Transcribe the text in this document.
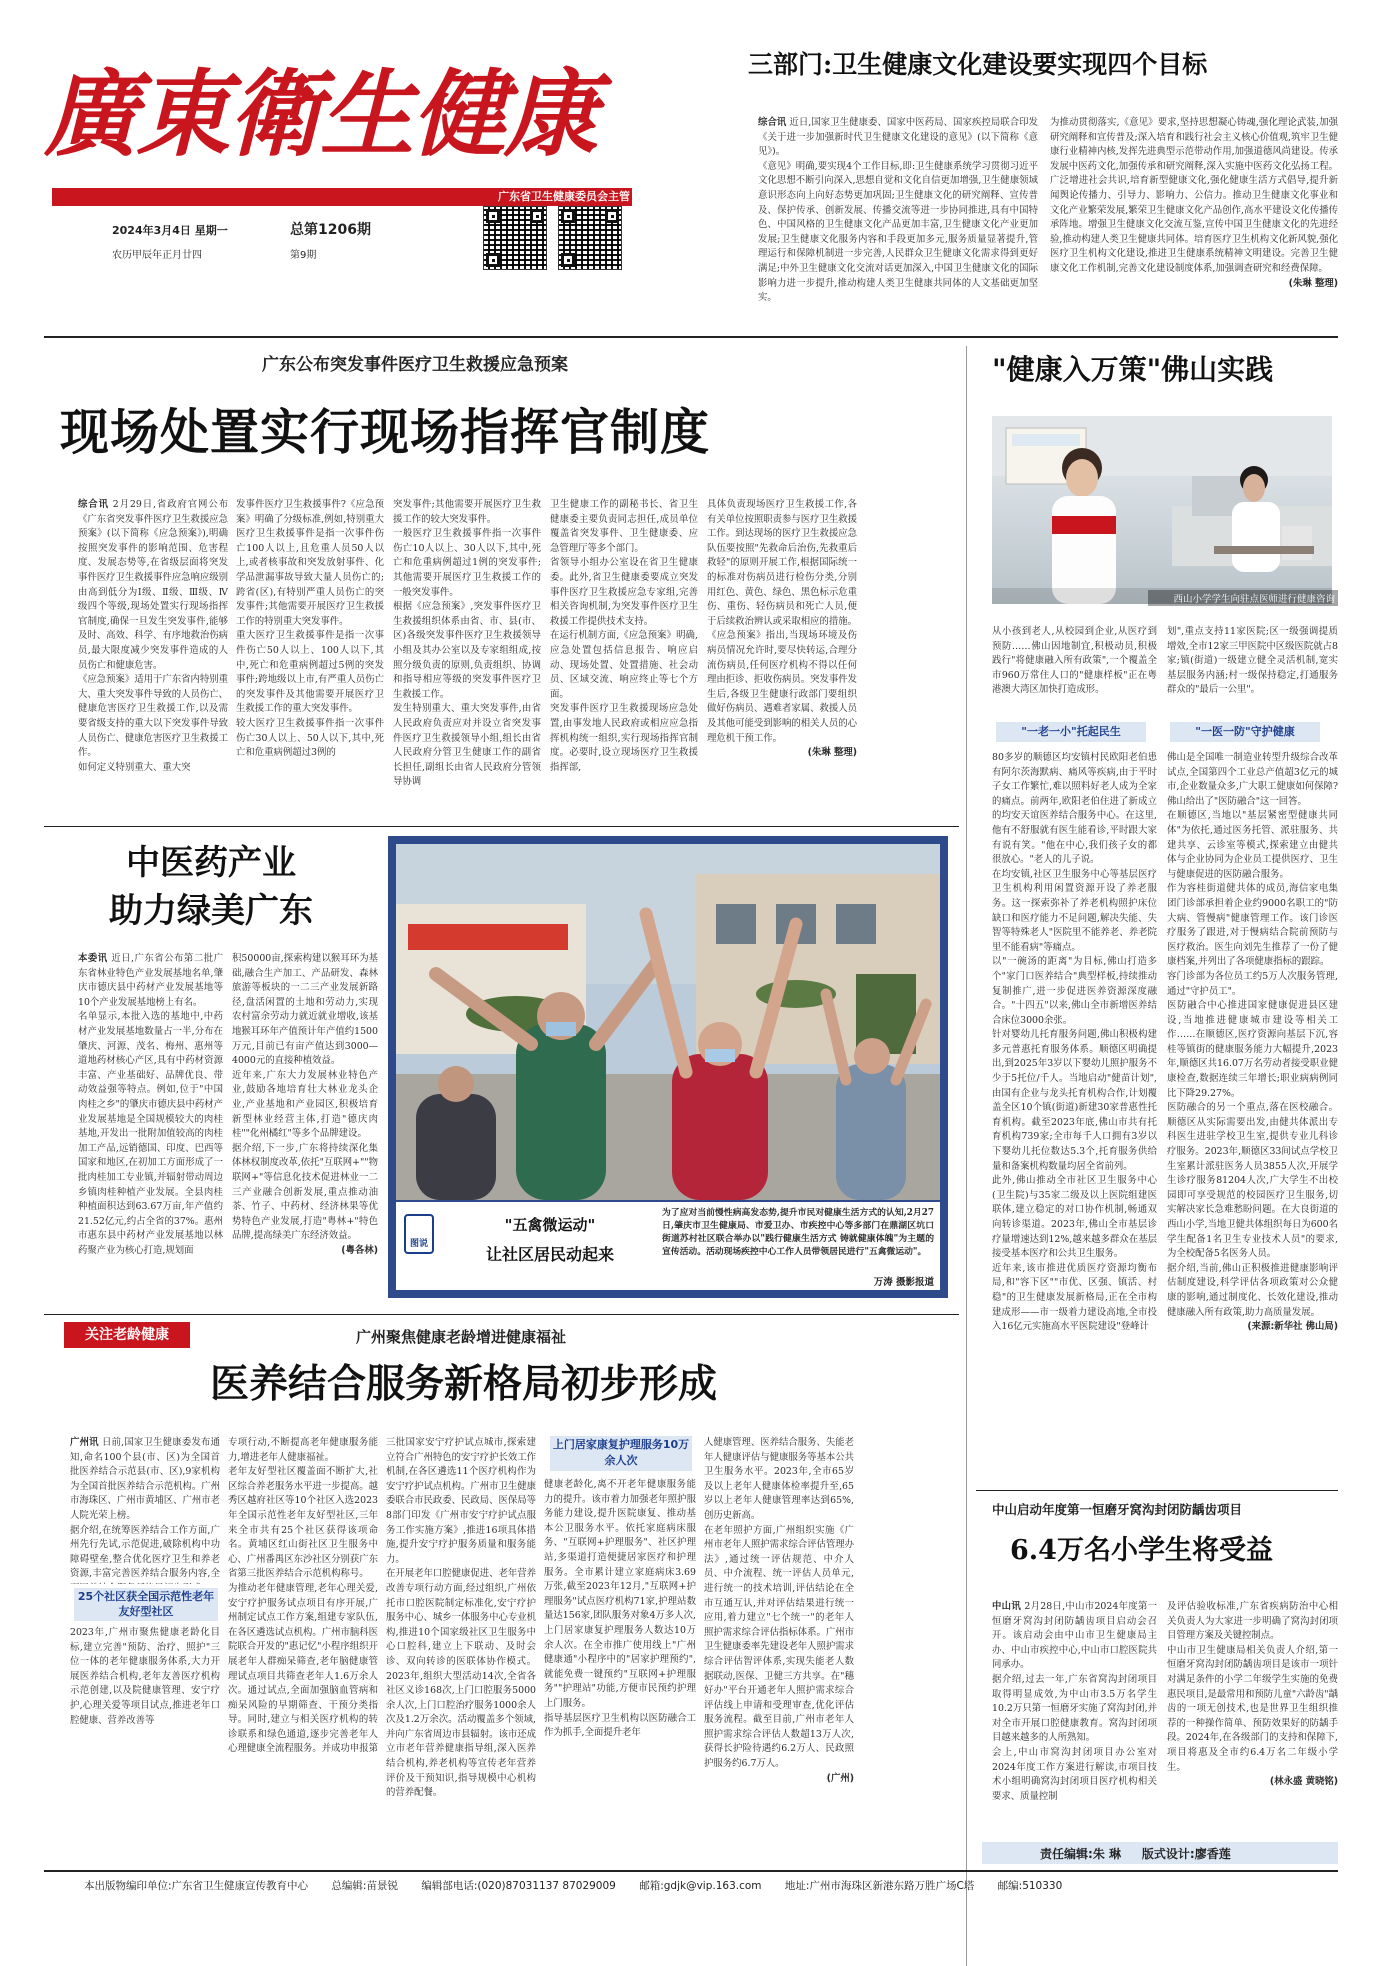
廣東衛生健康
广东省卫生健康委员会主管
2024年3月4日 星期一
农历甲辰年正月廿四
总第1206期
第9期
三部门:卫生健康文化建设要实现四个目标
综合讯 近日,国家卫生健康委、国家中医药局、国家疾控局联合印发《关于进一步加强新时代卫生健康文化建设的意见》(以下简称《意见》)。
《意见》明确,要实现4个工作目标,即:卫生健康系统学习贯彻习近平文化思想不断引向深入,思想自觉和文化自信更加增强,卫生健康领域意识形态向上向好态势更加巩固;卫生健康文化的研究阐释、宣传普及、保护传承、创新发展、传播交流等进一步协同推进,具有中国特色、中国风格的卫生健康文化产品更加丰富,卫生健康文化产业更加发展;卫生健康文化服务内容和手段更加多元,服务质量显著提升,管理运行和保障机制进一步完善,人民群众卫生健康文化需求得到更好满足;中外卫生健康文化交流对话更加深入,中国卫生健康文化的国际影响力进一步提升,推动构建人类卫生健康共同体的人文基础更加坚实。
为推动贯彻落实,《意见》要求,坚持思想凝心铸魂,强化理论武装,加强研究阐释和宣传普及;深入培育和践行社会主义核心价值观,筑牢卫生健康行业精神内核,发挥先进典型示范带动作用,加强道德风尚建设。传承发展中医药文化,加强传承和研究阐释,深入实施中医药文化弘扬工程。广泛增进社会共识,培育新型健康文化,强化健康生活方式倡导,提升新闻舆论传播力、引导力、影响力、公信力。推动卫生健康文化事业和文化产业繁荣发展,繁荣卫生健康文化产品创作,高水平建设文化传播传承阵地。增强卫生健康文化交流互鉴,宣传中国卫生健康文化的先进经验,推动构建人类卫生健康共同体。培育医疗卫生机构文化新风貌,强化医疗卫生机构文化建设,推进卫生健康系统精神文明建设。完善卫生健康文化工作机制,完善文化建设制度体系,加强调查研究和经费保障。
(朱琳 整理)
广东公布突发事件医疗卫生救援应急预案
现场处置实行现场指挥官制度
综合讯 2月29日,省政府官网公布《广东省突发事件医疗卫生救援应急预案》(以下简称《应急预案》),明确按照突发事件的影响范围、危害程度、发展态势等,在省级层面将突发事件医疗卫生救援事件应急响应级别由高到低分为Ⅰ级、Ⅱ级、Ⅲ级、Ⅳ级四个等级,现场处置实行现场指挥官制度,确保一旦发生突发事件,能够及时、高效、科学、有序地救治伤病员,最大限度减少突发事件造成的人员伤亡和健康危害。
《应急预案》适用于广东省内特别重大、重大突发事件导致的人员伤亡、健康危害医疗卫生救援工作,以及需要省级支持的重大以下突发事件导致人员伤亡、健康危害医疗卫生救援工作。
如何定义特别重大、重大突
发事件医疗卫生救援事件?《应急预案》明确了分级标准,例如,特别重大医疗卫生救援事件是指一次事件伤亡100人以上,且危重人员50人以上,或者核事故和突发放射事件、化学品泄漏事故导致大量人员伤亡的;跨省(区),有特别严重人员伤亡的突发事件;其他需要开展医疗卫生救援工作的特别重大突发事件。
重大医疗卫生救援事件是指一次事件伤亡50人以上、100人以下,其中,死亡和危重病例超过5例的突发事件;跨地级以上市,有严重人员伤亡的突发事件及其他需要开展医疗卫生救援工作的重大突发事件。
较大医疗卫生救援事件指一次事件伤亡30人以上、50人以下,其中,死亡和危重病例超过3例的
突发事件;其他需要开展医疗卫生救援工作的较大突发事件。
一般医疗卫生救援事件指一次事件伤亡10人以上、30人以下,其中,死亡和危重病例超过1例的突发事件;其他需要开展医疗卫生救援工作的一般突发事件。
根据《应急预案》,突发事件医疗卫生救援组织体系由省、市、县(市、区)各级突发事件医疗卫生救援领导小组及其办公室以及专家组组成,按照分级负责的原则,负责组织、协调和指导相应等级的突发事件医疗卫生救援工作。
发生特别重大、重大突发事件,由省人民政府负责应对并设立省突发事件医疗卫生救援领导小组,组长由省人民政府分管卫生健康工作的副省长担任,副组长由省人民政府分管领导协调
卫生健康工作的副秘书长、省卫生健康委主要负责同志担任,成员单位覆盖省突发事件、卫生健康委、应急管理厅等多个部门。
省领导小组办公室设在省卫生健康委。此外,省卫生健康委要成立突发事件医疗卫生救援应急专家组,完善相关咨询机制,为突发事件医疗卫生救援工作提供技术支持。
在运行机制方面,《应急预案》明确,应急处置包括信息报告、响应启动、现场处置、处置措施、社会动员、区域交流、响应终止等七个方面。
突发事件医疗卫生救援现场应急处置,由事发地人民政府或相应应急指挥机构统一组织,实行现场指挥官制度。必要时,设立现场医疗卫生救援指挥部,
具体负责现场医疗卫生救援工作,各有关单位按照职责参与医疗卫生救援工作。到达现场的医疗卫生救援应急队伍要按照"先救命后治伤,先救重后救轻"的原则开展工作,根据国际统一的标准对伤病员进行检伤分类,分别用红色、黄色、绿色、黑色标示危重伤、重伤、轻伤病员和死亡人员,便于后续救治辨认或采取相应的措施。
《应急预案》指出,当现场环境及伤病员情况允许时,要尽快转运,合理分流伤病员,任何医疗机构不得以任何理由拒诊、拒收伤病员。突发事件发生后,各级卫生健康行政部门要组织做好伤病员、遇难者家属、救援人员及其他可能受到影响的相关人员的心理危机干预工作。
(朱琳 整理)
"健康入万策"佛山实践
西山小学学生向驻点医师进行健康咨询
从小孩到老人,从校园到企业,从医疗到预防……佛山因地制宜,积极动员,积极践行"将健康融入所有政策",一个覆盖全市960万常住人口的"健康样板"正在粤港澳大湾区加快打造成形。
划",重点支持11家医院;区一级强调提质增效,全市12家三甲医院中区级医院就占8家;镇(街道)一级建立健全灵活机制,宽实基层服务内涵;村一级保持稳定,打通服务群众的"最后一公里"。
"一老一小"托起民生	"一医一防"守护健康
80多岁的顺德区均安镇村民欧阳老伯患有阿尔茨海默病、痛风等疾病,由于平时子女工作繁忙,难以照料好老人成为全家的痛点。前两年,欧阳老伯住进了新成立的均安天谊医养结合服务中心。在这里,他有不舒服就有医生能看诊,平时跟大家有说有笑。"他在中心,我们孩子女的都很放心。"老人的儿子说。
在均安镇,社区卫生服务中心等基层医疗卫生机构利用闲置资源开设了养老服务。这一探索弥补了养老机构照护床位缺口和医疗能力不足问题,解决失能、失智等特殊老人"医院里不能养老、养老院里不能看病"等痛点。
以"一碗汤的距离"为目标,佛山打造多个"家门口医养结合"典型样板,持续推动复制推广,进一步促进医养资源深度融合。"十四五"以来,佛山全市新增医养结合床位3000余张。
针对婴幼儿托育服务问题,佛山积极构建多元普惠托育服务体系。顺德区明确提出,到2025年3岁以下婴幼儿照护服务不少于5托位/千人。当地启动"健苗计划",由国有企业与龙头托育机构合作,计划覆盖全区10个镇(街道)新建30家普惠性托育机构。截至2023年底,佛山市共有托育机构739家;全市每千人口拥有3岁以下婴幼儿托位数达5.3个,托育服务供给量和备案机构数量均居全省前列。
此外,佛山推动全市社区卫生服务中心(卫生院)与35家二级及以上医院组建医联体,建立稳定的对口协作机制,畅通双向转诊渠道。2023年,佛山全市基层诊疗量增速达到12%,越来越多群众在基层接受基本医疗和公共卫生服务。
近年来,该市推进优质医疗资源均衡布局,和"容下区""市优、区强、镇活、村稳"的卫生健康发展新格局,正在全市构建成形——市一级着力建设高地,全市投入16亿元实施高水平医院建设"登峰计
佛山是全国唯一制造业转型升级综合改革试点,全国第四个工业总产值超3亿元的城市,企业数量众多,广大职工健康如何保障?佛山给出了"医防融合"这一回答。
在顺德区,当地以"基层紧密型健康共同体"为依托,通过医务托管、派驻服务、共建共享、云诊室等模式,探索建立由健共体与企业协同为企业员工提供医疗、卫生与健康促进的医防融合服务。
作为容桂街道健共体的成员,海信家电集团门诊部承担着企业约9000名职工的"防大病、管慢病"健康管理工作。该门诊医疗服务了跟进,对于慢病结合院前预防与医疗救治。医生向刘先生推荐了一份了健康档案,并列出了各项健康指标的跟踪。
容门诊部为各位员工约5万人次服务管理,通过"守护员工"。
医防融合中心推进国家健康促进县区建设,当地推进健康城市建设等相关工作……在顺德区,医疗资源向基层下沉,容桂等镇街的健康服务能力大幅提升,2023年,顺德区共16.07万名劳动者接受职业健康检查,数据连续三年增长;职业病病例同比下降29.27%。
医防融合的另一个重点,落在医校融合。顺德区从实际需要出发,由健共体派出专科医生进驻学校卫生室,提供专业儿科诊疗服务。2023年,顺德区33间试点学校卫生室累计派驻医务人员3855人次,开展学生诊疗服务81204人次,广大学生不出校园即可享受规范的校园医疗卫生服务,切实解决家长急难愁盼问题。在大良街道的西山小学,当地卫健共体组织每日为600名学生配备1名卫生专业技术人员"的要求,为全校配备5名医务人员。
据介绍,当前,佛山正积极推进健康影响评估制度建设,科学评估各项政策对公众健康的影响,通过制度化、长效化建设,推动健康融入所有政策,助力高质量发展。
(来源:新华社 佛山局)
中山启动年度第一恒磨牙窝沟封闭防龋齿项目
6.4万名小学生将受益
中山讯 2月28日,中山市2024年度第一恒磨牙窝沟封闭防龋齿项目启动会召开。该启动会由中山市卫生健康局主办、中山市疾控中心,中山市口腔医院共同承办。
据介绍,过去一年,广东省窝沟封闭项目取得明显成效,为中山市3.5万名学生10.2万只第一恒磨牙实施了窝沟封闭,并对全市开展口腔健康教育。窝沟封闭项目越来越多的人所熟知。
会上,中山市窝沟封闭项目办公室对2024年度工作方案进行解读,市项目技术小组明确窝沟封闭项目医疗机构相关要求、质量控制
及评估验收标准,广东省疾病防治中心相关负责人为大家进一步明确了窝沟封闭项目管理方案及关键控制点。
中山市卫生健康局相关负责人介绍,第一恒磨牙窝沟封闭防龋齿项目是该市一项针对满足条件的小学二年级学生实施的免费惠民项目,是最常用和预防儿童"六龄齿"龋齿的一项无创技术,也是世界卫生组织推荐的一种操作简单、预防效果好的防龋手段。2024年,在各级部门的支持和保障下,项目将惠及全市约6.4万名二年级小学生。
(林永盛 黄晓铭)
责任编辑:朱 琳 版式设计:廖香莲
中医药产业
助力绿美广东
本委讯 近日,广东省公布第二批广东省林业特色产业发展基地名单,肇庆市德庆县中药材产业发展基地等10个产业发展基地榜上有名。
名单显示,本批入选的基地中,中药材产业发展基地数量占一半,分布在肇庆、河源、茂名、梅州、惠州等道地药材核心产区,具有中药材资源丰富、产业基础好、品牌优良、带动效益强等特点。例如,位于"中国肉桂之乡"的肇庆市德庆县中药材产业发展基地是全国规模较大的肉桂基地,开发出一批附加值较高的肉桂加工产品,远销德国、印度、巴西等国家和地区,在初加工方面形成了一批肉桂加工专业镇,并辐射带动周边乡镇肉桂种植产业发展。全县肉桂种植面积达到63.67万亩,年产值约21.52亿元,约占全省的37%。惠州市惠东县中药材产业发展基地以林药聚产业为核心打造,规划面
积50000亩,探索构建以猴耳环为基础,融合生产加工、产品研发、森林旅游等板块的一二三产业发展新路径,盘活闲置的土地和劳动力,实现农村富余劳动力就近就业增收,该基地猴耳环年产值预计年产值约1500万元,目前已有亩产值达到3000—4000元的直接种植效益。
近年来,广东大力发展林业特色产业,鼓励各地培育壮大林业龙头企业,产业基地和产业园区,积极培育新型林业经营主体,打造"德庆肉桂""化州橘红"等多个品牌建设。
据介绍,下一步,广东将持续深化集体林权制度改革,依托"互联网+""物联网+"等信息化技术促进林业一二三产业融合创新发展,重点推动油茶、竹子、中药材、经济林果等优势特色产业发展,打造"粤林+"特色品牌,提高绿美广东经济效益。
(粤各林)
图说
"五禽微运动"
让社区居民动起来
为了应对当前慢性病高发态势,提升市民对健康生活方式的认知,2月27日,肇庆市卫生健康局、市爱卫办、市疾控中心等多部门在鼎湖区坑口街道苏村社区联合举办以"践行健康生活方式 铸就健康体魄"为主题的宣传活动。活动现场疾控中心工作人员带领居民进行"五禽微运动"。
万涛 摄影报道
关注老龄健康	广州聚焦健康老龄增进健康福祉
医养结合服务新格局初步形成
广州讯 日前,国家卫生健康委发布通知,命名100个县(市、区)为全国首批医养结合示范县(市、区),9家机构为全国首批医养结合示范机构。广州市海珠区、广州市黄埔区、广州市老人院光荣上榜。
据介绍,在统筹医养结合工作方面,广州先行先试,示范促进,破除机构中功障碍壁垒,整合优化医疗卫生和养老资源,丰富完善医养结合服务内容,全
25个社区获全国示范性老年友好型社区
2023年,广州市聚焦健康老龄化目标,建立完善"预防、治疗、照护"三位一体的老年健康服务体系,大力开展医养结合机构,老年友善医疗机构示范创建,以及院健康管理、安宁疗护,心理关爱等项目试点,推进老年口腔健康、营养改善等
专项行动,不断提高老年健康服务能力,增进老年人健康福祉。
老年友好型社区覆盖面不断扩大,社区综合养老服务水平进一步提高。越秀区越府社区等10个社区入选2023年全国示范性老年友好型社区,三年来全市共有25个社区获得该项命名。黄埔区红山街社区卫生服务中心、广州番禺区东沙社区分别获广东省第三批医养结合示范机构称号。
为推动老年健康管理,老年心理关爱,安宁疗护服务试点项目有序开展,广州制定试点工作方案,组建专家队伍,在各区遴选试点机构。广州市脑科医院联合开发的"惠记忆"小程序组织开展老年人群痴呆筛查,老年脑健康管理试点项目共筛查老年人1.6万余人次。通过试点,全面加强脑血管病和痴呆风险的早期筛查、干预分类指导。同时,建立与相关医疗机构的转诊联系和绿色通道,逐步完善老年人心理健康全流程服务。并成功申报第
三批国家安宁疗护试点城市,探索建立符合广州特色的安宁疗护长效工作机制,在各区遴选11个医疗机构作为安宁疗护试点机构。广州市卫生健康委联合市民政委、民政局、医保局等8部门印发《广州市安宁疗护试点服务工作实施方案》,推进16项具体措施,提升安宁疗护服务质量和服务能力。
在开展老年口腔健康促进、老年营养改善专项行动方面,经过组织,广州依托市口腔医院制定标准化,安宁疗护服务中心、城乡一体服务中心专业机构,推进10个国家级社区卫生服务中心口腔科,建立上下联动、及时会诊、双向转诊的医联体协作模式。2023年,组织大型活动14次,全省各社区义诊168次,上门口腔服务5000余人次,上门口腔治疗服务1000余人次及1.2万余次。活动覆盖多个领域,并向广东省周边市县辐射。该市还成立市老年营养健康指导组,深入医养结合机构,养老机构等宣传老年营养评价及干预知识,指导规模中心机构的营养配餐。
上门居家康复护理服务10万余人次
健康老龄化,离不开老年健康服务能力的提升。该市着力加强老年照护服务能力建设,提升医院康复、推动基本公卫服务水平。依托家庭病床服务、"互联网+护理服务"、社区护理站,多渠道打造便捷居家医疗和护理服务。全市累计建立家庭病床3.69万张,截至2023年12月,"互联网+护理服务"试点医疗机构71家,护理站数量达156家,团队服务对象4万多人次,上门居家康复护理服务人数达10万余人次。在全市推广使用线上"广州健康通"小程序中的"居家护理预约",就能免费一键预约"互联网+护理服务""护理站"功能,方便市民预约护理上门服务。
指导基层医疗卫生机构以医防融合工作为抓手,全面提升老年
人健康管理、医养结合服务、失能老年人健康评估与健康服务等基本公共卫生服务水平。2023年,全市65岁及以上老年人健康体检率提升至,65岁以上老年人健康管理率达到65%,创历史新高。
在老年照护方面,广州组织实施《广州市老年人照护需求综合评估管理办法》,通过统一评估规范、中介人员、中介流程、统一评估人员单元,进行统一的技术培训,评估结论在全市互通互认,并对评估结果进行统一应用,着力建立"七个统一"的老年人照护需求综合评估指标体系。广州市卫生健康委率先建设老年人照护需求综合评估智评体系,实现失能老人数据联动,医保、卫健三方共享。在"穗好办"平台开通老年人照护需求综合评估线上申请和受理审查,优化评估服务流程。截至目前,广州市老年人照护需求综合评估人数超13万人次,获得长护险待遇约6.2万人、民政照护服务约6.7万人。
(广州)
本出版物编印单位:广东省卫生健康宣传教育中心 总编辑:苗景锐 编辑部电话:(020)87031137 87029009 邮箱:gdjk@vip.163.com 地址:广州市海珠区新港东路万胜广场C塔 邮编:510330
